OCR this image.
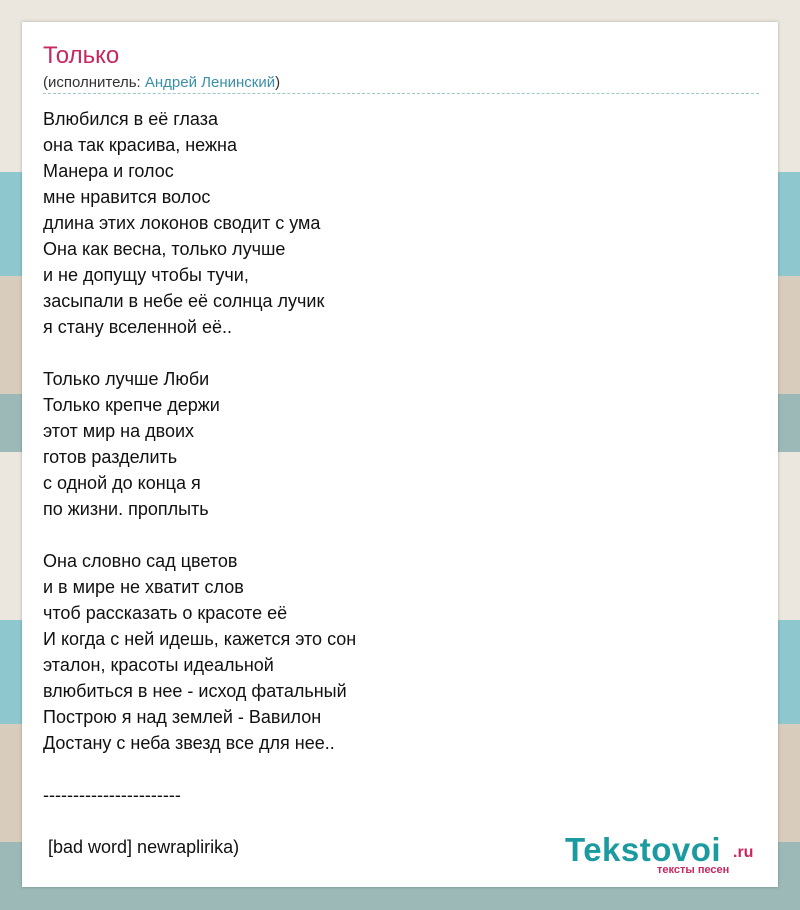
Только
(исполнитель: Андрей Ленинский)
Влюбился в её глаза
она так красива, нежна
Манера и голос
мне нравится волос
длина этих локонов сводит с ума
Она как весна, только лучше
и не допущу чтобы тучи,
засыпали в небе её солнца лучик
я стану вселенной её..
Только лучше Люби
Только крепче держи
этот мир на двоих
готов разделить
с одной до конца я
по жизни. проплыть
Она словно сад цветов
и в мире не хватит слов
чтоб рассказать о красоте её
И когда с ней идешь, кажется это сон
эталон, красоты идеальной
влюбиться в нее - исход фатальный
Построю я над землей - Вавилон
Достану с неба звезд все для нее..
-----------------------
[bad word] newraplirika)	Tekstovoi .ru
тексты песен
